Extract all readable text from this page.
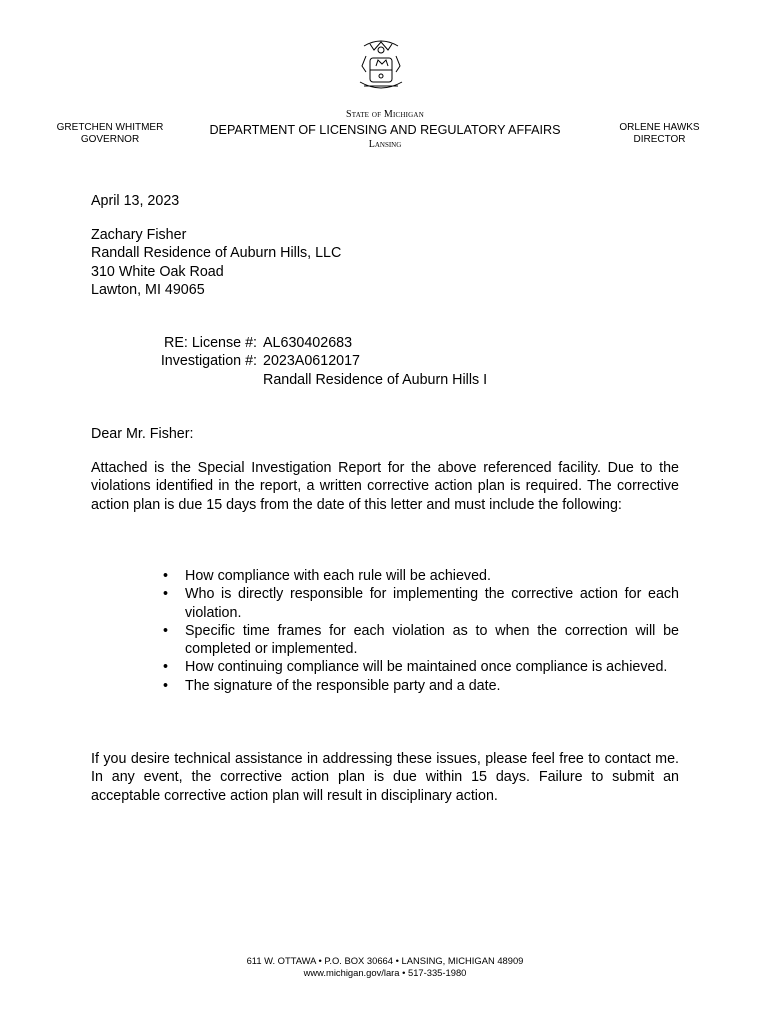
GRETCHEN WHITMER
GOVERNOR
State of Michigan
DEPARTMENT OF LICENSING AND REGULATORY AFFAIRS
Lansing
ORLENE HAWKS
DIRECTOR
April 13, 2023
Zachary Fisher
Randall Residence of Auburn Hills, LLC
310 White Oak Road
Lawton, MI 49065
RE: License #:
Investigation #:
AL630402683
2023A0612017
Randall Residence of Auburn Hills I
Dear Mr. Fisher:
Attached is the Special Investigation Report for the above referenced facility. Due to the violations identified in the report, a written corrective action plan is required. The corrective action plan is due 15 days from the date of this letter and must include the following:
• How compliance with each rule will be achieved.
• Who is directly responsible for implementing the corrective action for each violation.
• Specific time frames for each violation as to when the correction will be completed or implemented.
• How continuing compliance will be maintained once compliance is achieved.
• The signature of the responsible party and a date.
If you desire technical assistance in addressing these issues, please feel free to contact me. In any event, the corrective action plan is due within 15 days. Failure to submit an acceptable corrective action plan will result in disciplinary action.
611 W. OTTAWA • P.O. BOX 30664 • LANSING, MICHIGAN 48909
www.michigan.gov/lara • 517-335-1980
